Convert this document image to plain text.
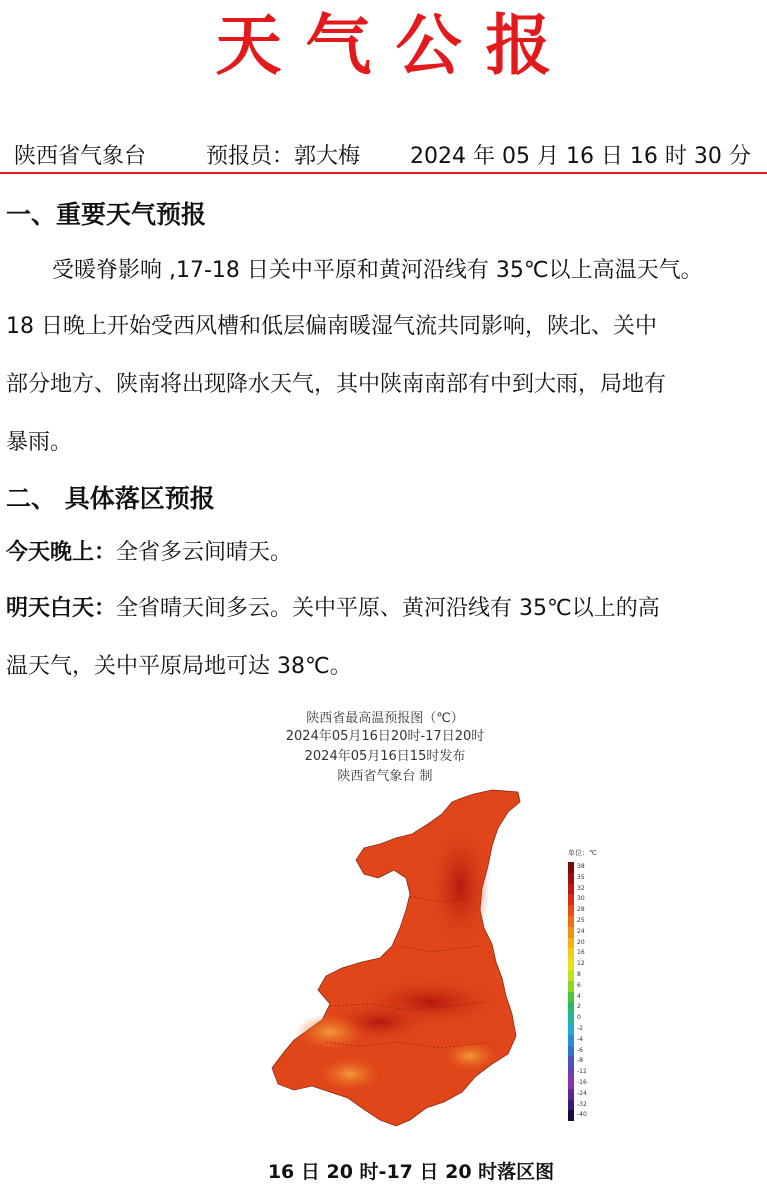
天气公报
陕西省气象台	预报员：郭大梅 2024 年 05 月 16 日 16 时 30 分
一、重要天气预报
受暖脊影响 ,17-18 日关中平原和黄河沿线有 35℃以上高温天气。
18 日晚上开始受西风槽和低层偏南暖湿气流共同影响，陕北、关中
部分地方、陕南将出现降水天气，其中陕南南部有中到大雨，局地有
暴雨。
二、 具体落区预报
今天晚上：全省多云间晴天。
明天白天：全省晴天间多云。关中平原、黄河沿线有 35℃以上的高
温天气，关中平原局地可达 38℃。
陕西省最高温预报图（℃）
2024年05月16日20时-17日20时
2024年05月16日15时发布
陕西省气象台 制
单位：℃
38
35
32
30
28
25
24
20
16
12
8
6
4
2
0
-2
-4
-6
-8
-12
-16
-24
-32
-40
16 日 20 时-17 日 20 时落区图
